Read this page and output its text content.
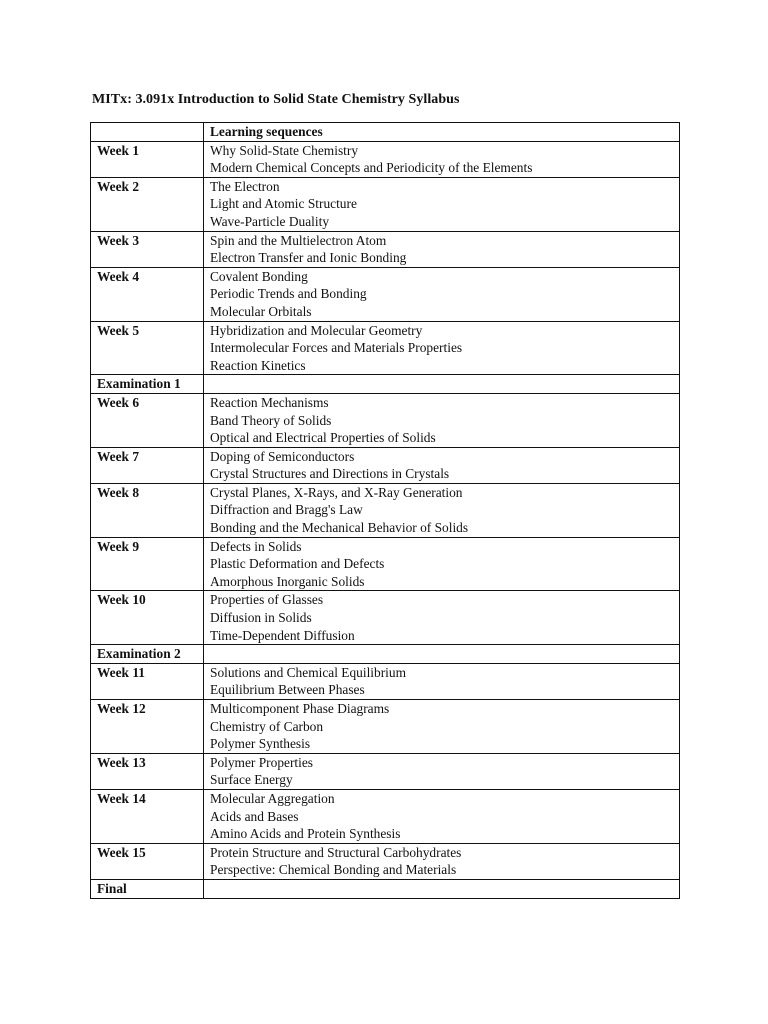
MITx: 3.091x Introduction to Solid State Chemistry Syllabus
	Learning sequences
Week 1	Why Solid-State Chemistry
Modern Chemical Concepts and Periodicity of the Elements

Week 2	The Electron
Light and Atomic Structure
Wave-Particle Duality

Week 3	Spin and the Multielectron Atom
Electron Transfer and Ionic Bonding

Week 4	Covalent Bonding
Periodic Trends and Bonding
Molecular Orbitals

Week 5	Hybridization and Molecular Geometry
Intermolecular Forces and Materials Properties
Reaction Kinetics

Examination 1	

Week 6	Reaction Mechanisms
Band Theory of Solids
Optical and Electrical Properties of Solids

Week 7	Doping of Semiconductors
Crystal Structures and Directions in Crystals

Week 8	Crystal Planes, X-Rays, and X-Ray Generation
Diffraction and Bragg's Law
Bonding and the Mechanical Behavior of Solids

Week 9	Defects in Solids
Plastic Deformation and Defects
Amorphous Inorganic Solids

Week 10	Properties of Glasses
Diffusion in Solids
Time-Dependent Diffusion

Examination 2	

Week 11	Solutions and Chemical Equilibrium
Equilibrium Between Phases

Week 12	Multicomponent Phase Diagrams
Chemistry of Carbon
Polymer Synthesis

Week 13	Polymer Properties
Surface Energy

Week 14	Molecular Aggregation
Acids and Bases
Amino Acids and Protein Synthesis

Week 15	Protein Structure and Structural Carbohydrates
Perspective: Chemical Bonding and Materials

Final	
